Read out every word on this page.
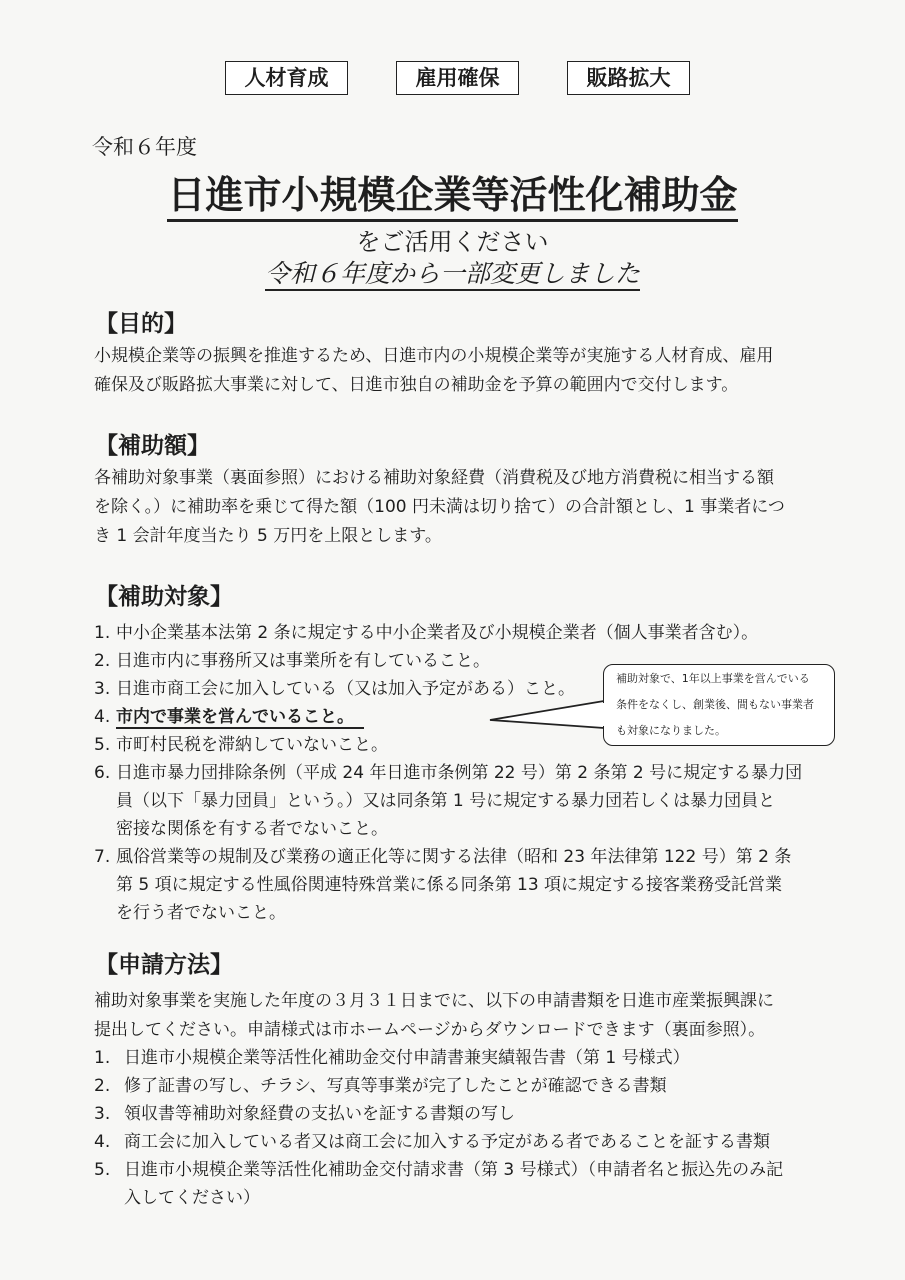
人材育成	雇用確保	販路拡大
令和６年度
日進市小規模企業等活性化補助金
をご活用ください
令和６年度から一部変更しました
【目的】
小規模企業等の振興を推進するため、日進市内の小規模企業等が実施する人材育成、雇用
確保及び販路拡大事業に対して、日進市独自の補助金を予算の範囲内で交付します。
【補助額】
各補助対象事業（裏面参照）における補助対象経費（消費税及び地方消費税に相当する額
を除く。）に補助率を乗じて得た額（100 円未満は切り捨て）の合計額とし、1 事業者につ
き 1 会計年度当たり 5 万円を上限とします。
【補助対象】
1. 中小企業基本法第 2 条に規定する中小企業者及び小規模企業者（個人事業者含む）。
2. 日進市内に事務所又は事業所を有していること。
3. 日進市商工会に加入している（又は加入予定がある）こと。
4. 市内で事業を営んでいること。
5. 市町村民税を滞納していないこと。
6. 日進市暴力団排除条例（平成 24 年日進市条例第 22 号）第 2 条第 2 号に規定する暴力団
員（以下「暴力団員」という。）又は同条第 1 号に規定する暴力団若しくは暴力団員と
密接な関係を有する者でないこと。
7. 風俗営業等の規制及び業務の適正化等に関する法律（昭和 23 年法律第 122 号）第 2 条
第 5 項に規定する性風俗関連特殊営業に係る同条第 13 項に規定する接客業務受託営業
を行う者でないこと。
補助対象で、1年以上事業を営んでいる
条件をなくし、創業後、間もない事業者
も対象になりました。
【申請方法】
補助対象事業を実施した年度の３月３１日までに、以下の申請書類を日進市産業振興課に
提出してください。申請様式は市ホームページからダウンロードできます（裏面参照）。
1. 日進市小規模企業等活性化補助金交付申請書兼実績報告書（第 1 号様式）
2. 修了証書の写し、チラシ、写真等事業が完了したことが確認できる書類
3. 領収書等補助対象経費の支払いを証する書類の写し
4. 商工会に加入している者又は商工会に加入する予定がある者であることを証する書類
5. 日進市小規模企業等活性化補助金交付請求書（第 3 号様式）（申請者名と振込先のみ記
入してください）
